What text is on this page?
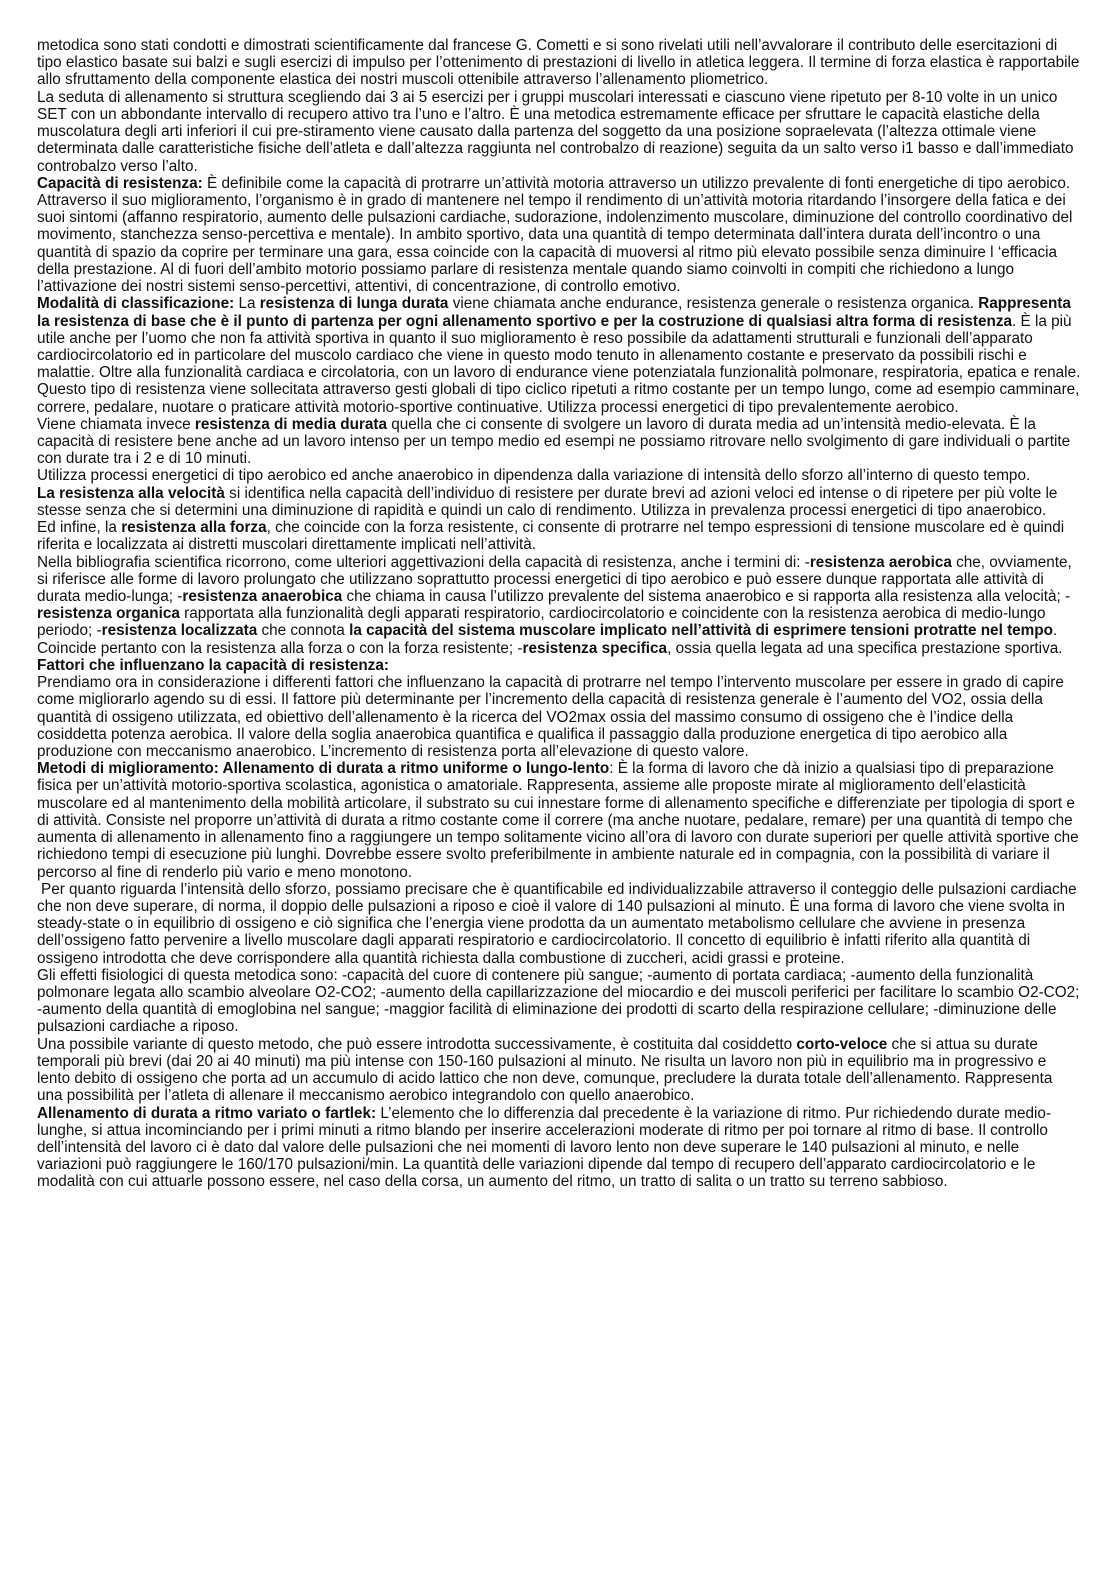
metodica sono stati condotti e dimostrati scientificamente dal francese G. Cometti e si sono rivelati utili nell’avvalorare il contributo delle esercitazioni di tipo elastico basate sui balzi e sugli esercizi di impulso per l’ottenimento di prestazioni di livello in atletica leggera. Il termine di forza elastica è rapportabile allo sfruttamento della componente elastica dei nostri muscoli ottenibile attraverso l’allenamento pliometrico.

La seduta di allenamento si struttura scegliendo dai 3 ai 5 esercizi per i gruppi muscolari interessati e ciascuno viene ripetuto per 8-10 volte in un unico SET con un abbondante intervallo di recupero attivo tra l’uno e l’altro. È una metodica estremamente efficace per sfruttare le capacità elastiche della muscolatura degli arti inferiori il cui pre-stiramento viene causato dalla partenza del soggetto da una posizione sopraelevata (l’altezza ottimale viene determinata dalle caratteristiche fisiche dell’atleta e dall’altezza raggiunta nel controbalzo di reazione) seguita da un salto verso i1 basso e dall’immediato controbalzo verso l’alto.

Capacità di resistenza: È definibile come la capacità di protrarre un’attività motoria attraverso un utilizzo prevalente di fonti energetiche di tipo aerobico. Attraverso il suo miglioramento, l’organismo è in grado di mantenere nel tempo il rendimento di un’attività motoria ritardando l’insorgere della fatica e dei suoi sintomi (affanno respiratorio, aumento delle pulsazioni cardiache, sudorazione, indolenzimento muscolare, diminuzione del controllo coordinativo del movimento, stanchezza senso-percettiva e mentale). In ambito sportivo, data una quantità di tempo determinata dall’intera durata dell’incontro o una quantità di spazio da coprire per terminare una gara, essa coincide con la capacità di muoversi al ritmo più elevato possibile senza diminuire l ‘efficacia della prestazione. Al di fuori dell’ambito motorio possiamo parlare di resistenza mentale quando siamo coinvolti in compiti che richiedono a lungo l’attivazione dei nostri sistemi senso-percettivi, attentivi, di concentrazione, di controllo emotivo.

Modalità di classificazione: La resistenza di lunga durata viene chiamata anche endurance, resistenza generale o resistenza organica. Rappresenta la resistenza di base che è il punto di partenza per ogni allenamento sportivo e per la costruzione di qualsiasi altra forma di resistenza. È la più utile anche per l’uomo che non fa attività sportiva in quanto il suo miglioramento è reso possibile da adattamenti strutturali e funzionali dell’apparato cardiocircolatorio ed in particolare del muscolo cardiaco che viene in questo modo tenuto in allenamento costante e preservato da possibili rischi e malattie. Oltre alla funzionalità cardiaca e circolatoria, con un lavoro di endurance viene potenziatala funzionalità polmonare, respiratoria, epatica e renale.

Questo tipo di resistenza viene sollecitata attraverso gesti globali di tipo ciclico ripetuti a ritmo costante per un tempo lungo, come ad esempio camminare, correre, pedalare, nuotare o praticare attività motorio-sportive continuative. Utilizza processi energetici di tipo prevalentemente aerobico.

Viene chiamata invece resistenza di media durata quella che ci consente di svolgere un lavoro di durata media ad un’intensità medio-elevata. È la capacità di resistere bene anche ad un lavoro intenso per un tempo medio ed esempi ne possiamo ritrovare nello svolgimento di gare individuali o partite con durate tra i 2 e di 10 minuti.

Utilizza processi energetici di tipo aerobico ed anche anaerobico in dipendenza dalla variazione di intensità dello sforzo all’interno di questo tempo.

La resistenza alla velocità si identifica nella capacità dell’individuo di resistere per durate brevi ad azioni veloci ed intense o di ripetere per più volte le stesse senza che si determini una diminuzione di rapidità e quindi un calo di rendimento. Utilizza in prevalenza processi energetici di tipo anaerobico.

Ed infine, la resistenza alla forza, che coincide con la forza resistente, ci consente di protrarre nel tempo espressioni di tensione muscolare ed è quindi riferita e localizzata ai distretti muscolari direttamente implicati nell’attività.

Nella bibliografia scientifica ricorrono, come ulteriori aggettivazioni della capacità di resistenza, anche i termini di: -resistenza aerobica che, ovviamente, si riferisce alle forme di lavoro prolungato che utilizzano soprattutto processi energetici di tipo aerobico e può essere dunque rapportata alle attività di durata medio-lunga; -resistenza anaerobica che chiama in causa l’utilizzo prevalente del sistema anaerobico e si rapporta alla resistenza alla velocità; -resistenza organica rapportata alla funzionalità degli apparati respiratorio, cardiocircolatorio e coincidente con la resistenza aerobica di medio-lungo periodo; -resistenza localizzata che connota la capacità del sistema muscolare implicato nell’attività di esprimere tensioni protratte nel tempo. Coincide pertanto con la resistenza alla forza o con la forza resistente; -resistenza specifica, ossia quella legata ad una specifica prestazione sportiva.

Fattori che influenzano la capacità di resistenza:

Prendiamo ora in considerazione i differenti fattori che influenzano la capacità di protrarre nel tempo l’intervento muscolare per essere in grado di capire come migliorarlo agendo su di essi. Il fattore più determinante per l’incremento della capacità di resistenza generale è l’aumento del VO2, ossia della quantità di ossigeno utilizzata, ed obiettivo dell’allenamento è la ricerca del VO2max ossia del massimo consumo di ossigeno che è l’indice della cosiddetta potenza aerobica. Il valore della soglia anaerobica quantifica e qualifica il passaggio dalla produzione energetica di tipo aerobico alla produzione con meccanismo anaerobico. L’incremento di resistenza porta all’elevazione di questo valore.

Metodi di miglioramento: Allenamento di durata a ritmo uniforme o lungo-lento: È la forma di lavoro che dà inizio a qualsiasi tipo di preparazione fisica per un’attività motorio-sportiva scolastica, agonistica o amatoriale. Rappresenta, assieme alle proposte mirate al miglioramento dell’elasticità muscolare ed al mantenimento della mobilità articolare, il substrato su cui innestare forme di allenamento specifiche e differenziate per tipologia di sport e di attività. Consiste nel proporre un’attività di durata a ritmo costante come il correre (ma anche nuotare, pedalare, remare) per una quantità di tempo che aumenta di allenamento in allenamento fino a raggiungere un tempo solitamente vicino all’ora di lavoro con durate superiori per quelle attività sportive che richiedono tempi di esecuzione più lunghi. Dovrebbe essere svolto preferibilmente in ambiente naturale ed in compagnia, con la possibilità di variare il percorso al fine di renderlo più vario e meno monotono.

Per quanto riguarda l’intensità dello sforzo, possiamo precisare che è quantificabile ed individualizzabile attraverso il conteggio delle pulsazioni cardiache che non deve superare, di norma, il doppio delle pulsazioni a riposo e cioè il valore di 140 pulsazioni al minuto. È una forma di lavoro che viene svolta in steady-state o in equilibrio di ossigeno e ciò significa che l’energia viene prodotta da un aumentato metabolismo cellulare che avviene in presenza dell’ossigeno fatto pervenire a livello muscolare dagli apparati respiratorio e cardiocircolatorio. Il concetto di equilibrio è infatti riferito alla quantità di ossigeno introdotta che deve corrispondere alla quantità richiesta dalla combustione di zuccheri, acidi grassi e proteine.

Gli effetti fisiologici di questa metodica sono: -capacità del cuore di contenere più sangue; -aumento di portata cardiaca; -aumento della funzionalità polmonare legata allo scambio alveolare O2-CO2; -aumento della capillarizzazione del miocardio e dei muscoli periferici per facilitare lo scambio O2-CO2; -aumento della quantità di emoglobina nel sangue; -maggior facilità di eliminazione dei prodotti di scarto della respirazione cellulare; -diminuzione delle pulsazioni cardiache a riposo.

Una possibile variante di questo metodo, che può essere introdotta successivamente, è costituita dal cosiddetto corto-veloce che si attua su durate temporali più brevi (dai 20 ai 40 minuti) ma più intense con 150-160 pulsazioni al minuto. Ne risulta un lavoro non più in equilibrio ma in progressivo e lento debito di ossigeno che porta ad un accumulo di acido lattico che non deve, comunque, precludere la durata totale dell’allenamento. Rappresenta una possibilità per l’atleta di allenare il meccanismo aerobico integrandolo con quello anaerobico.

Allenamento di durata a ritmo variato o fartlek: L’elemento che lo differenzia dal precedente è la variazione di ritmo. Pur richiedendo durate medio-lunghe, si attua incominciando per i primi minuti a ritmo blando per inserire accelerazioni moderate di ritmo per poi tornare al ritmo di base. Il controllo dell’intensità del lavoro ci è dato dal valore delle pulsazioni che nei momenti di lavoro lento non deve superare le 140 pulsazioni al minuto, e nelle variazioni può raggiungere le 160/170 pulsazioni/min. La quantità delle variazioni dipende dal tempo di recupero dell’apparato cardiocircolatorio e le modalità con cui attuarle possono essere, nel caso della corsa, un aumento del ritmo, un tratto di salita o un tratto su terreno sabbioso.
